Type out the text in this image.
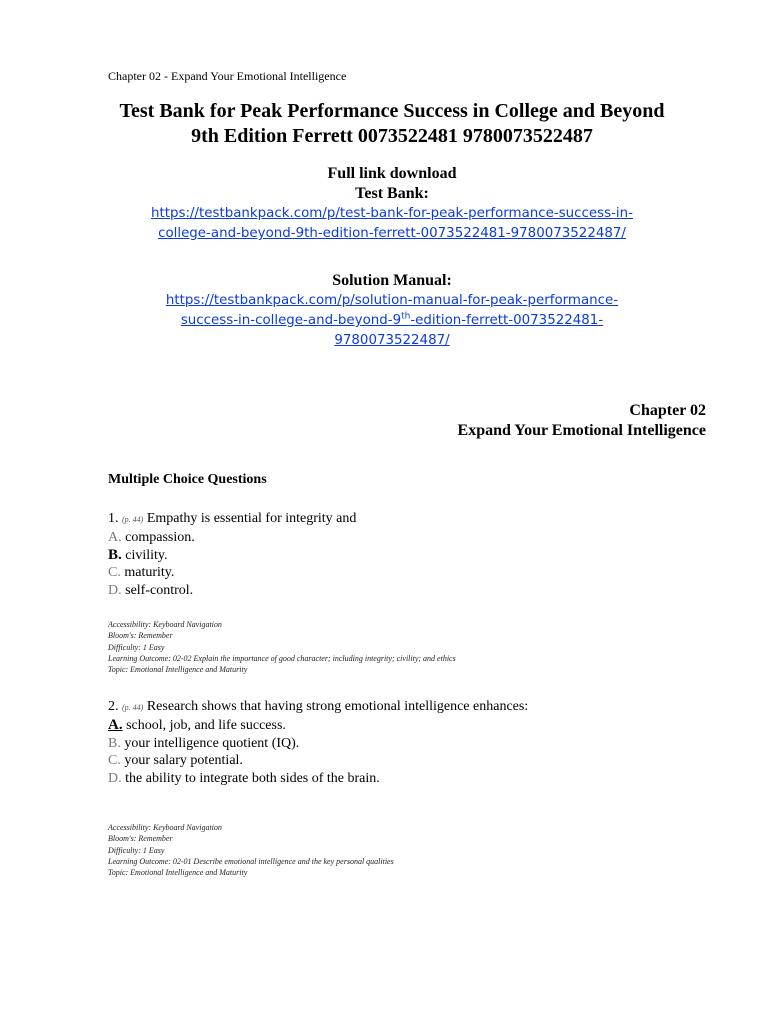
Chapter 02 - Expand Your Emotional Intelligence
Test Bank for Peak Performance Success in College and Beyond
9th Edition Ferrett 0073522481 9780073522487
Full link download
Test Bank:
https://testbankpack.com/p/test-bank-for-peak-performance-success-in-
college-and-beyond-9th-edition-ferrett-0073522481-9780073522487/
Solution Manual:
https://testbankpack.com/p/solution-manual-for-peak-performance-
success-in-college-and-beyond-9th-edition-ferrett-0073522481-
9780073522487/
Chapter 02
Expand Your Emotional Intelligence
Multiple Choice Questions
1. (p. 44) Empathy is essential for integrity and
A. compassion.
B. civility.
C. maturity.
D. self-control.
Accessibility: Keyboard Navigation
Bloom's: Remember
Difficulty: 1 Easy
Learning Outcome: 02-02 Explain the importance of good character; including integrity; civility; and ethics
Topic: Emotional Intelligence and Maturity
2. (p. 44) Research shows that having strong emotional intelligence enhances:
A. school, job, and life success.
B. your intelligence quotient (IQ).
C. your salary potential.
D. the ability to integrate both sides of the brain.
Accessibility: Keyboard Navigation
Bloom's: Remember
Difficulty: 1 Easy
Learning Outcome: 02-01 Describe emotional intelligence and the key personal qualities
Topic: Emotional Intelligence and Maturity
